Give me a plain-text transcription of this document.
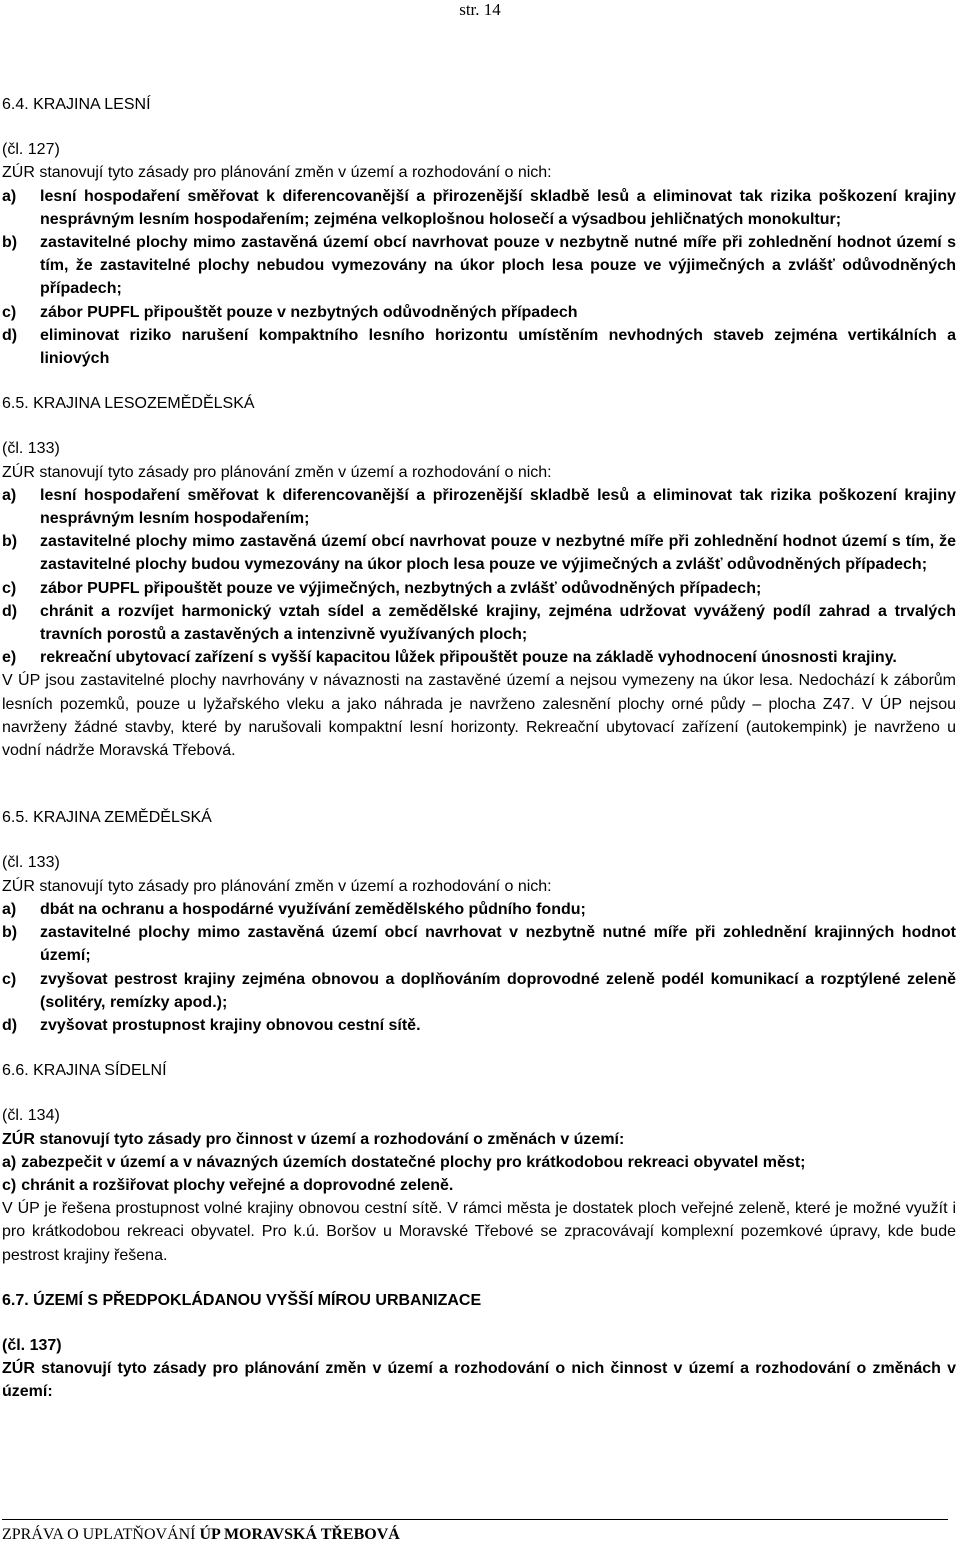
str. 14

6.4. KRAJINA LESNÍ

(čl. 127)

ZÚR stanovují tyto zásady pro plánování změn v území a rozhodování o nich:

a)	lesní hospodaření směřovat k diferencovanější a přirozenější skladbě lesů a eliminovat tak rizika poškození krajiny nesprávným lesním hospodařením; zejména velkoplošnou holosečí a výsadbou jehličnatých monokultur;
b)	zastavitelné plochy mimo zastavěná území obcí navrhovat pouze v nezbytně nutné míře při zohlednění hodnot území s tím, že zastavitelné plochy nebudou vymezovány na úkor ploch lesa pouze ve výjimečných a zvlášť odůvodněných případech;
c)	zábor PUPFL připouštět pouze v nezbytných odůvodněných případech
d)	eliminovat riziko narušení kompaktního lesního horizontu umístěním nevhodných staveb zejména vertikálních a liniových

6.5. KRAJINA LESOZEMĚDĚLSKÁ

(čl. 133)

ZÚR stanovují tyto zásady pro plánování změn v území a rozhodování o nich:

a)	lesní hospodaření směřovat k diferencovanější a přirozenější skladbě lesů a eliminovat tak rizika poškození krajiny nesprávným lesním hospodařením;
b)	zastavitelné plochy mimo zastavěná území obcí navrhovat pouze v nezbytné míře při zohlednění hodnot území s tím, že zastavitelné plochy budou vymezovány na úkor ploch lesa pouze ve výjimečných a zvlášť odůvodněných případech;
c)	zábor PUPFL připouštět pouze ve výjimečných, nezbytných a zvlášť odůvodněných případech;
d)	chránit a rozvíjet harmonický vztah sídel a zemědělské krajiny, zejména udržovat vyvážený podíl zahrad a trvalých travních porostů a zastavěných a intenzivně využívaných ploch;
e)	rekreační ubytovací zařízení s vyšší kapacitou lůžek připouštět pouze na základě vyhodnocení únosnosti krajiny.

V ÚP jsou zastavitelné plochy navrhovány v návaznosti na zastavěné území a nejsou vymezeny na úkor lesa. Nedochází k záborům lesních pozemků, pouze u lyžařského vleku a jako náhrada je navrženo zalesnění plochy orné půdy – plocha Z47. V ÚP nejsou navrženy žádné stavby, které by narušovali kompaktní lesní horizonty. Rekreační ubytovací zařízení (autokempink) je navrženo u vodní nádrže Moravská Třebová.

6.5. KRAJINA ZEMĚDĚLSKÁ

(čl. 133)

ZÚR stanovují tyto zásady pro plánování změn v území a rozhodování o nich:

a)	dbát na ochranu a hospodárné využívání zemědělského půdního fondu;
b)	zastavitelné plochy mimo zastavěná území obcí navrhovat v nezbytně nutné míře při zohlednění krajinných hodnot území;
c)	zvyšovat pestrost krajiny zejména obnovou a doplňováním doprovodné zeleně podél komunikací a rozptýlené zeleně (solitéry, remízky apod.);
d)	zvyšovat prostupnost krajiny obnovou cestní sítě.

6.6. KRAJINA SÍDELNÍ

(čl. 134)

ZÚR stanovují tyto zásady pro činnost v území a rozhodování o změnách v území:

a) zabezpečit v území a v návazných územích dostatečné plochy pro krátkodobou rekreaci obyvatel měst;
c) chránit a rozšiřovat plochy veřejné a doprovodné zeleně.

V ÚP je řešena prostupnost volné krajiny obnovou cestní sítě. V rámci města je dostatek ploch veřejné zeleně, které je možné využít i pro krátkodobou rekreaci obyvatel. Pro k.ú. Boršov u Moravské Třebové se zpracovávají komplexní pozemkové úpravy, kde bude pestrost krajiny řešena.

6.7. ÚZEMÍ S PŘEDPOKLÁDANOU VYŠŠÍ MÍROU URBANIZACE

(čl. 137)

ZÚR stanovují tyto zásady pro plánování změn v území a rozhodování o nich činnost v území a rozhodování o změnách v území:

ZPRÁVA O UPLATŇOVÁNÍ ÚP MORAVSKÁ TŘEBOVÁ
